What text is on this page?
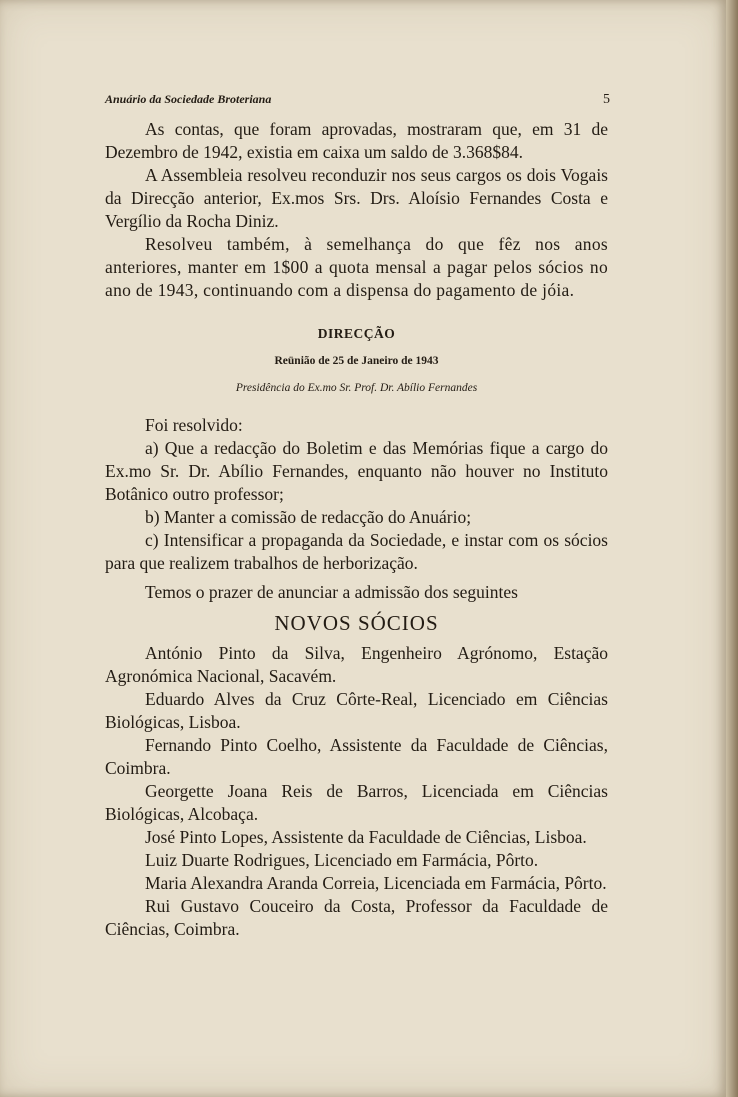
Anuário da Sociedade Broteriana	5

As contas, que foram aprovadas, mostraram que, em 31 de Dezembro de 1942, existia em caixa um saldo de 3.368$84.

A Assembleia resolveu reconduzir nos seus cargos os dois Vogais da Direcção anterior, Ex.mos Srs. Drs. Aloísio Fernandes Costa e Vergílio da Rocha Diniz.

Resolveu também, à semelhança do que fêz nos anos anteriores, manter em 1$00 a quota mensal a pagar pelos sócios no ano de 1943, continuando com a dispensa do pagamento de jóia.

DIRECÇÃO
Reünião de 25 de Janeiro de 1943
Presidência do Ex.mo Sr. Prof. Dr. Abílio Fernandes

Foi resolvido:

a) Que a redacção do Boletim e das Memórias fique a cargo do Ex.mo Sr. Dr. Abílio Fernandes, enquanto não houver no Instituto Botânico outro professor;

b) Manter a comissão de redacção do Anuário;

c) Intensificar a propaganda da Sociedade, e instar com os sócios para que realizem trabalhos de herborização.

Temos o prazer de anunciar a admissão dos seguintes

NOVOS SÓCIOS

António Pinto da Silva, Engenheiro Agrónomo, Estação Agronómica Nacional, Sacavém.

Eduardo Alves da Cruz Côrte-Real, Licenciado em Ciências Biológicas, Lisboa.

Fernando Pinto Coelho, Assistente da Faculdade de Ciências, Coimbra.

Georgette Joana Reis de Barros, Licenciada em Ciências Biológicas, Alcobaça.

José Pinto Lopes, Assistente da Faculdade de Ciências, Lisboa.

Luiz Duarte Rodrigues, Licenciado em Farmácia, Pôrto.

Maria Alexandra Aranda Correia, Licenciada em Farmácia, Pôrto.

Rui Gustavo Couceiro da Costa, Professor da Faculdade de Ciências, Coimbra.
